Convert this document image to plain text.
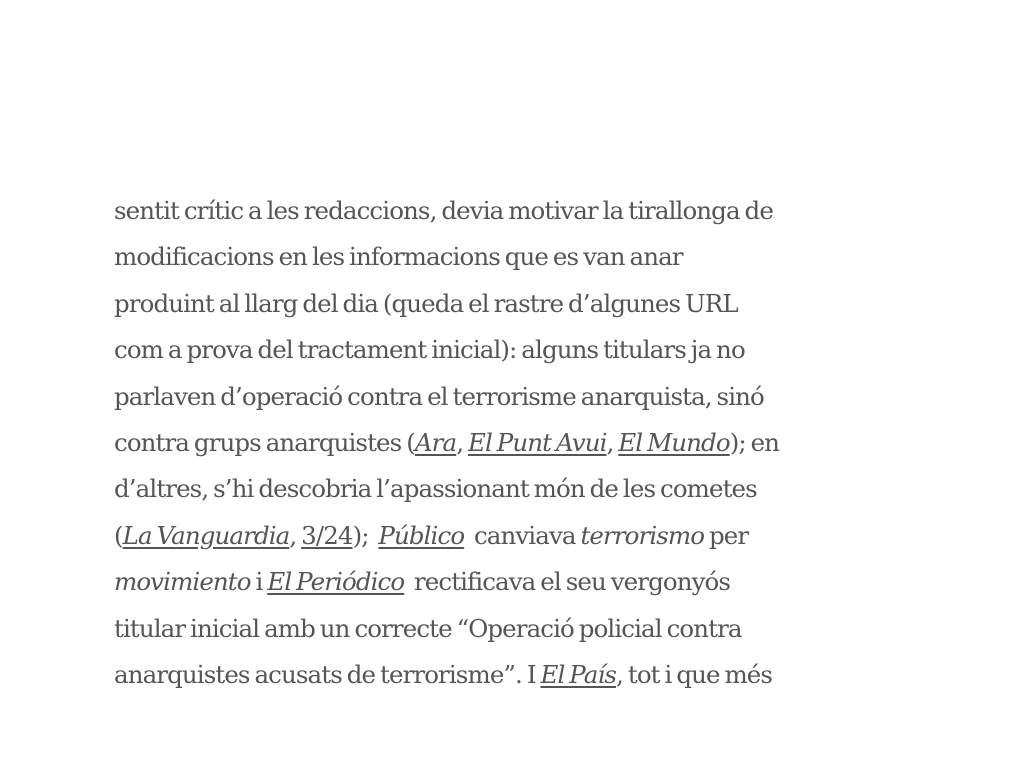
sentit crític a les redaccions, devia motivar la tirallonga de
modificacions en les informacions que es van anar
produint al llarg del dia (queda el rastre d’algunes URL
com a prova del tractament inicial): alguns titulars ja no
parlaven d’operació contra el terrorisme anarquista, sinó
contra grups anarquistes (Ara, El Punt Avui, El Mundo); en
d’altres, s’hi descobria l’apassionant món de les cometes
(La Vanguardia, 3/24);  Público  canviava terrorismo per
movimiento i El Periódico  rectificava el seu vergonyós
titular inicial amb un correcte “Operació policial contra
anarquistes acusats de terrorisme”. I El País, tot i que més
